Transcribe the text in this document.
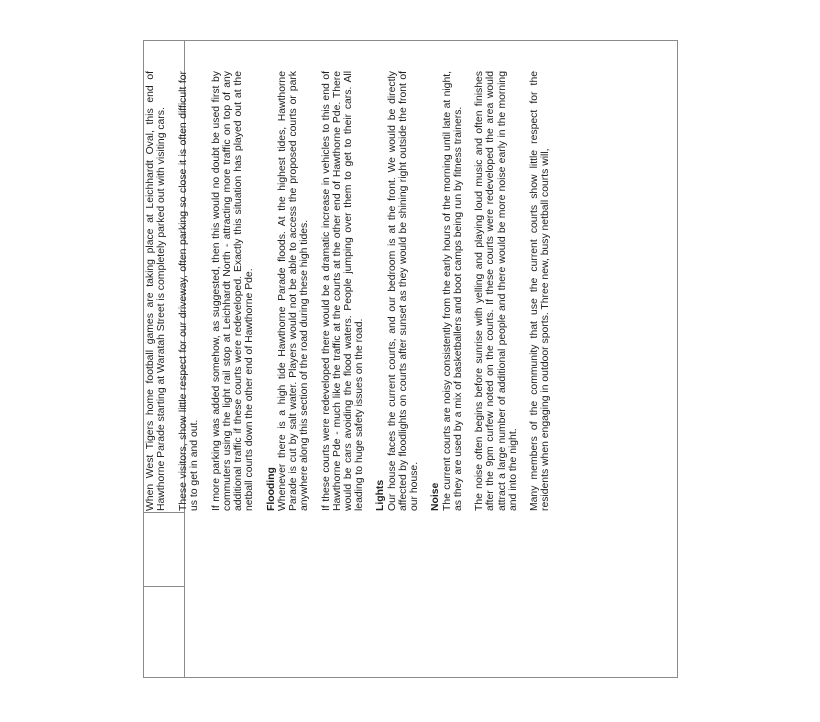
When West Tigers home football games are taking place at Leichhardt Oval, this end of Hawthorne Parade starting at Waratah Street is completely parked out with visiting cars. These visitors, show little respect for our driveway, often parking so close it is often difficult for us to get in and out. If more parking was added somehow, as suggested, then this would no doubt be used first by commuters using the light rail stop at Leichhardt North - attracting more traffic on top of any additional traffic if these courts were redeveloped. Exactly this situation has played out at the netball courts down the other end of Hawthorne Pde. Flooding Whenever there is a high tide Hawthorne Parade floods. At the highest tides, Hawthorne Parade is cut by salt water. Players would not be able to access the proposed courts or park anywhere along this section of the road during these high tides. If these courts were redeveloped there would be a dramatic increase in vehicles to this end of Hawthorne Pde - much like the traffic at the courts at the other end of Hawthorne Pde. There would be cars avoiding the flood waters. People jumping over them to get to their cars. All leading to huge safety issues on the road. Lights Our house faces the current courts, and our bedroom is at the front. We would be directly affected by floodlights on courts after sunset as they would be shining right outside the front of our house. Noise The current courts are noisy consistently from the early hours of the morning until late at night, as they are used by a mix of basketballers and boot camps being run by fitness trainers. The noise often begins before sunrise with yelling and playing loud music and often finishes after the 9pm curfew noted on the courts. If these courts were redeveloped the area would attract a large number of additional people and there would be more noise early in the morning and into the night. Many members of the community that use the current courts show little respect for the residents when engaging in outdoor sports. Three new, busy netball courts will,
